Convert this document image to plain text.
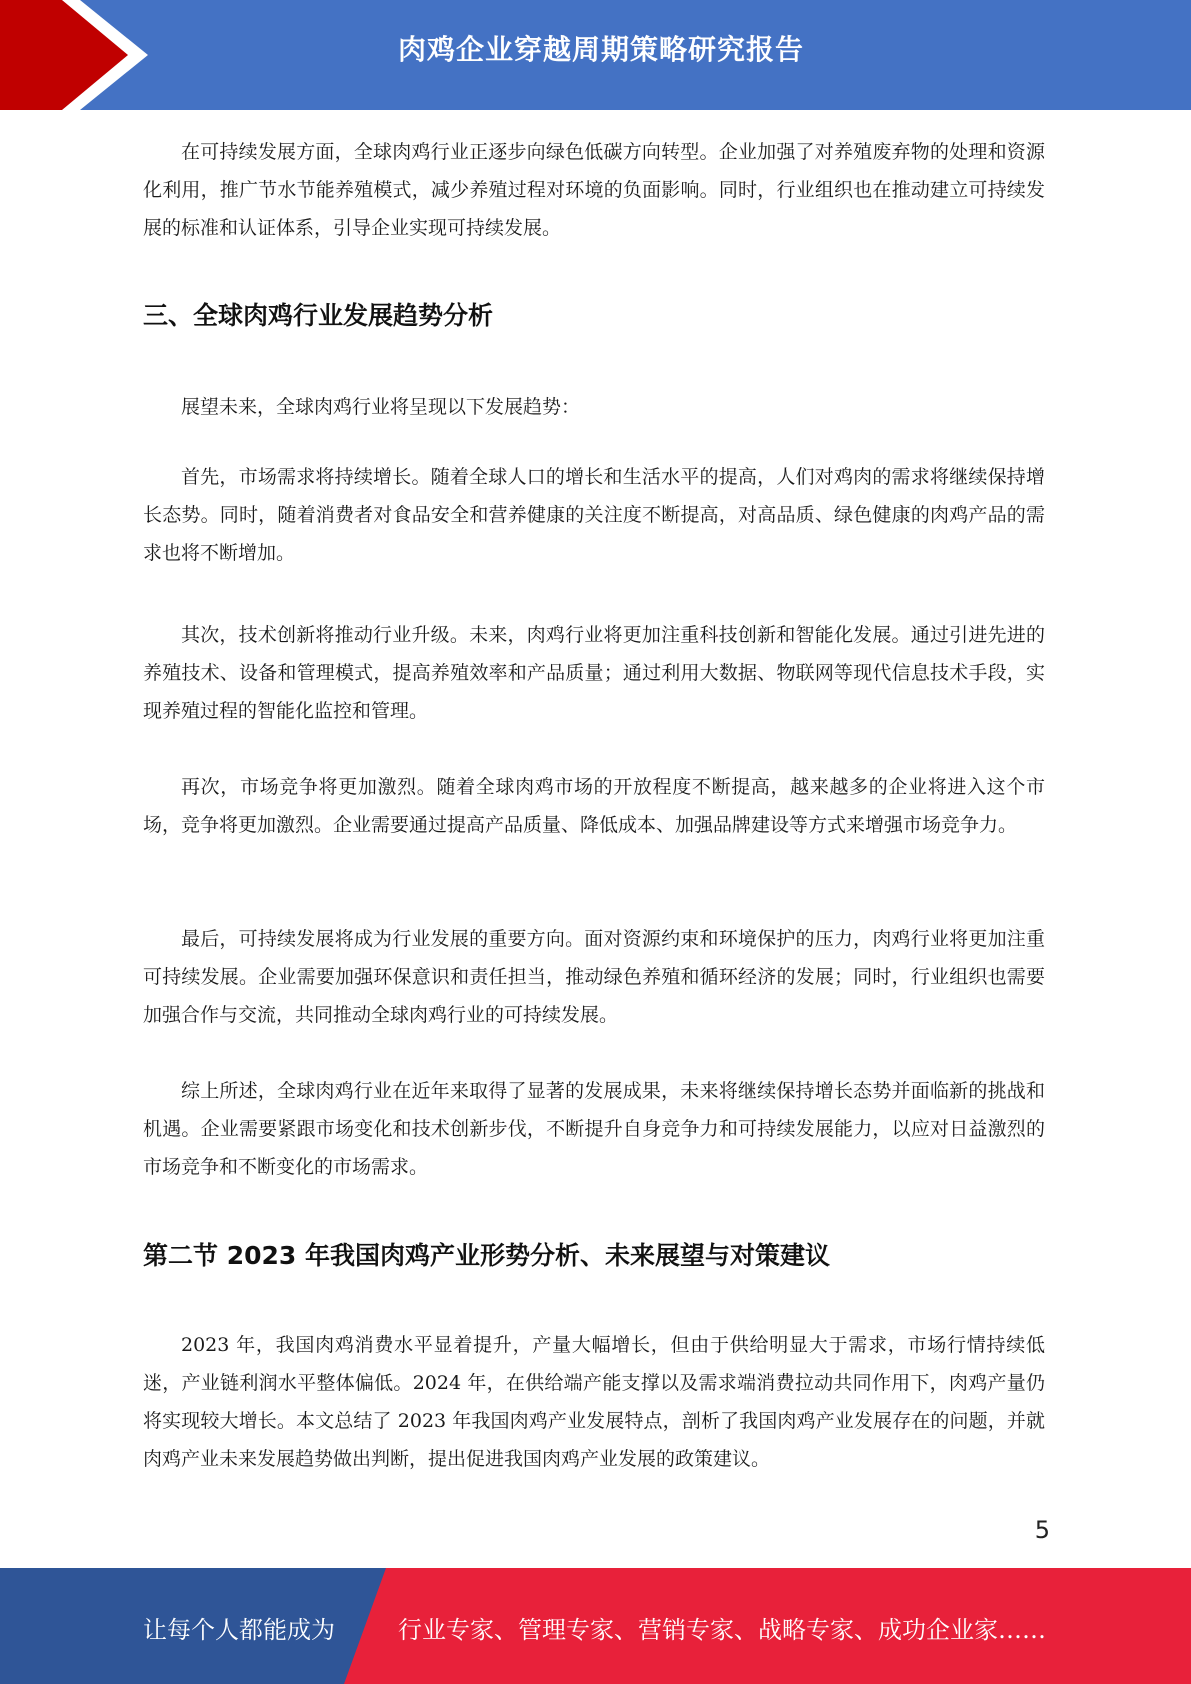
肉鸡企业穿越周期策略研究报告

在可持续发展方面，全球肉鸡行业正逐步向绿色低碳方向转型。企业加强了对养殖废弃物的处理和资源化利用，推广节水节能养殖模式，减少养殖过程对环境的负面影响。同时，行业组织也在推动建立可持续发展的标准和认证体系，引导企业实现可持续发展。

三、全球肉鸡行业发展趋势分析

展望未来，全球肉鸡行业将呈现以下发展趋势：

首先，市场需求将持续增长。随着全球人口的增长和生活水平的提高，人们对鸡肉的需求将继续保持增长态势。同时，随着消费者对食品安全和营养健康的关注度不断提高，对高品质、绿色健康的肉鸡产品的需求也将不断增加。

其次，技术创新将推动行业升级。未来，肉鸡行业将更加注重科技创新和智能化发展。通过引进先进的养殖技术、设备和管理模式，提高养殖效率和产品质量；通过利用大数据、物联网等现代信息技术手段，实现养殖过程的智能化监控和管理。

再次，市场竞争将更加激烈。随着全球肉鸡市场的开放程度不断提高，越来越多的企业将进入这个市场，竞争将更加激烈。企业需要通过提高产品质量、降低成本、加强品牌建设等方式来增强市场竞争力。

最后，可持续发展将成为行业发展的重要方向。面对资源约束和环境保护的压力，肉鸡行业将更加注重可持续发展。企业需要加强环保意识和责任担当，推动绿色养殖和循环经济的发展；同时，行业组织也需要加强合作与交流，共同推动全球肉鸡行业的可持续发展。

综上所述，全球肉鸡行业在近年来取得了显著的发展成果，未来将继续保持增长态势并面临新的挑战和机遇。企业需要紧跟市场变化和技术创新步伐，不断提升自身竞争力和可持续发展能力，以应对日益激烈的市场竞争和不断变化的市场需求。

第二节 2023 年我国肉鸡产业形势分析、未来展望与对策建议

2023 年，我国肉鸡消费水平显着提升，产量大幅增长，但由于供给明显大于需求，市场行情持续低迷，产业链利润水平整体偏低。2024 年，在供给端产能支撑以及需求端消费拉动共同作用下，肉鸡产量仍将实现较大增长。本文总结了 2023 年我国肉鸡产业发展特点，剖析了我国肉鸡产业发展存在的问题，并就肉鸡产业未来发展趋势做出判断，提出促进我国肉鸡产业发展的政策建议。

5
让每个人都能成为	行业专家、管理专家、营销专家、战略专家、成功企业家……
